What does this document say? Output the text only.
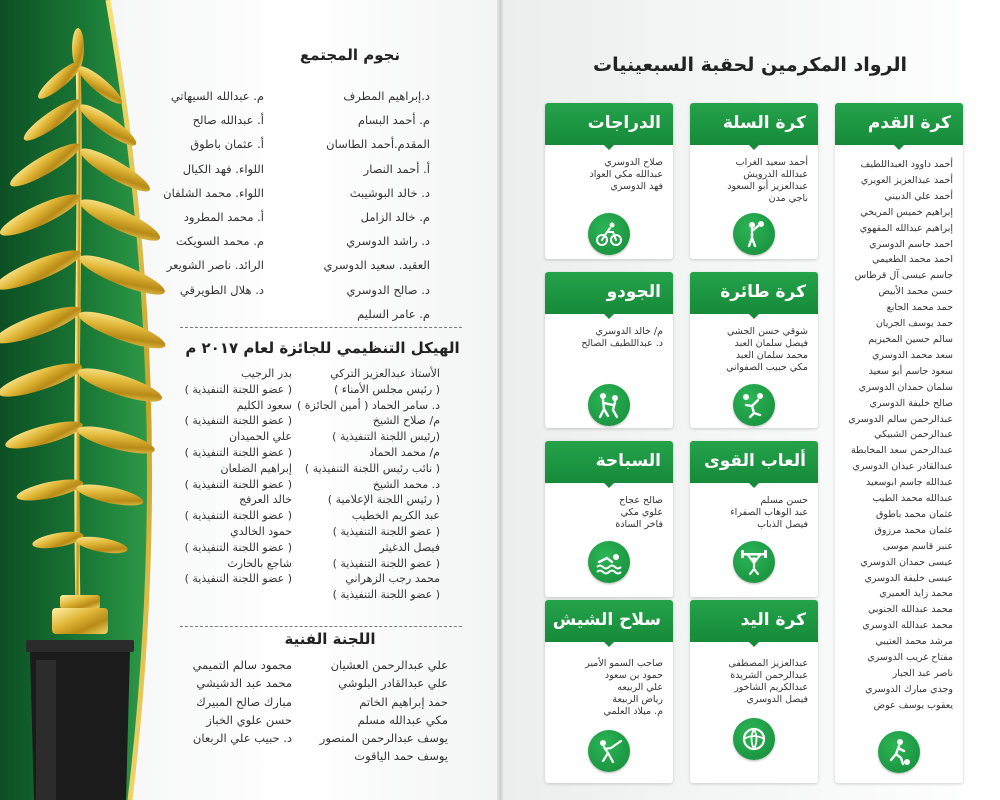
نجوم المجتمع
د.إبراهيم المطرف
م. أحمد البسام
المقدم.أحمد الطاسان
أ. أحمد النصار
د. خالد البوشيبث
م. خالد الزامل
د. راشد الدوسري
العقيد. سعيد الدوسري
د. صالح الدوسري
م. عامر السليم
م. عبدالله السيهاتي
أ. عبدالله صالح
أ. عثمان باطوق
اللواء. فهد الكيال
اللواء. محمد الشلفان
أ. محمد المطرود
م. محمد السويكت
الرائد. ناصر الشويعر
د. هلال الطويرقي
الهيكل التنظيمي للجائزة لعام ٢٠١٧ م
الأستاذ عبدالعزيز التركي
( رئيس مجلس الأمناء )
د. سامر الحماد ( أمين الجائزة )
م/ صلاح الشيخ
(رئيس اللجنة التنفيذية )
م/ محمد الحماد
( نائب رئيس اللجنة التنفيذية )
د. محمد الشيخ
( رئيس اللجنة الإعلامية )
عبد الكريم الخطيب
( عضو اللجنة التنفيذية )
فيصل الدغيثر
( عضو اللجنة التنفيذية )
محمد رجب الزهراني
( عضو اللجنة التنفيذية )
بدر الرجيب
( عضو اللجنة التنفيذية )
سعود الكليم
( عضو اللجنة التنفيذية )
علي الحميدان
( عضو اللجنة التنفيذية )
إبراهيم الضلعان
( عضو اللجنة التنفيذية )
خالد العرفج
( عضو اللجنة التنفيذية )
حمود الخالدي
( عضو اللجنة التنفيذية )
شاجع بالحارث
( عضو اللجنة التنفيذية )
اللجنة الفنية
علي عبدالرحمن العشيان
علي عبدالقادر البلوشي
حمد إبراهيم الخاتم
مكي عبدالله مسلم
يوسف عبدالرحمن المنصور
يوسف حمد الياقوت
محمود سالم التميمي
محمد عبد الدشيشي
مبارك صالح المبيرك
حسن علوي الخباز
د. حبيب علي الربعان
الرواد المكرمين لحقبة السبعينيات
كرة القدم
أحمد داوود العبداللطيف
أحمد عبدالعزيز العويري
أحمد علي الدبيني
إبراهيم خميس المريخي
إبراهيم عبدالله المقهوي
احمد جاسم الدوسري
احمد محمد الطعيمي
جاسم عيسى آل قرطاس
حسن محمد الأبيض
حمد محمد الجابع
حمد يوسف الجريان
سالم حسين المخيزيم
سعد محمد الدوسري
سعود جاسم أبو سعيد
سلمان حمدان الدوسري
صالح خليفة الدوسري
عبدالرحمن سالم الدوسري
عبدالرحمن الشبيكي
عبدالرحمن سعد المخابطة
عبدالقادر عيدان الدوسري
عبدالله جاسم ابوسعيد
عبدالله محمد الطيب
عثمان محمد باطوق
عثمان محمد مرزوق
عنبر قاسم موسى
عيسى حمدان الدوسري
عيسى خليفة الدوسري
محمد زايد العميري
محمد عبدالله الجنوبي
محمد عبدالله الدوسري
مرشد محمد العتيبي
مفتاح غريب الدوسري
ناصر عبد الجبار
وجدي مبارك الدوسري
يعقوب يوسف عوض
كرة السلة
أحمد سعيد الغراب
عبدالله الدرويش
عبدالعزيز أبو السعود
ناجي مدن
الدراجات
صلاح الدوسري
عبدالله مكي العواد
فهد الدوسري
كرة طائرة
شوقي حسن الجشي
فيصل سلمان العبد
محمد سلمان العبد
مكي حبيب الصفواني
الجودو
م/ خالد الدوسري
د. عبداللطيف الصالح
ألعاب القوى
حسن مسلم
عبد الوهاب الصفراء
فيصل الذباب
السباحة
صالح عجاج
علوي مكي
فاخر السادة
كرة اليد
عبدالعزيز المصطفى
عبدالرحمن الشريدة
عبدالكريم الشاخور
فيصل الدوسري
سلاح الشيش
صاحب السمو الأمير
حمود بن سعود
علي الربيعه
رياض الربيعة
م. ميلاد العلمي
